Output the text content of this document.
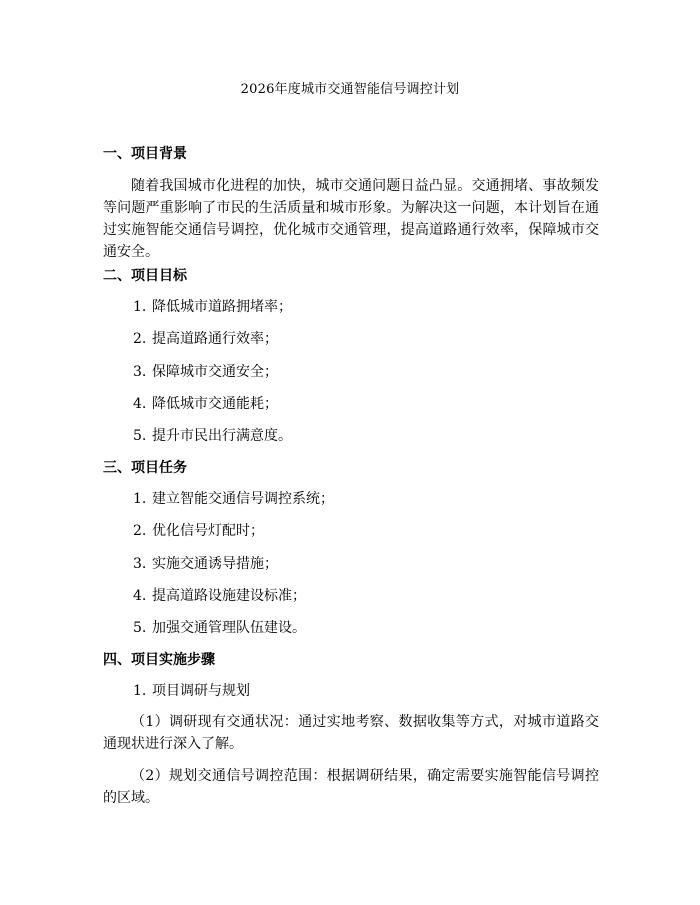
2026年度城市交通智能信号调控计划
一、项目背景
随着我国城市化进程的加快，城市交通问题日益凸显。交通拥堵、事故频发等问题严重影响了市民的生活质量和城市形象。为解决这一问题，本计划旨在通过实施智能交通信号调控，优化城市交通管理，提高道路通行效率，保障城市交通安全。
二、项目目标
1. 降低城市道路拥堵率；
2. 提高道路通行效率；
3. 保障城市交通安全；
4. 降低城市交通能耗；
5. 提升市民出行满意度。
三、项目任务
1. 建立智能交通信号调控系统；
2. 优化信号灯配时；
3. 实施交通诱导措施；
4. 提高道路设施建设标准；
5. 加强交通管理队伍建设。
四、项目实施步骤
1. 项目调研与规划
（1）调研现有交通状况：通过实地考察、数据收集等方式，对城市道路交通现状进行深入了解。
（2）规划交通信号调控范围：根据调研结果，确定需要实施智能信号调控的区域。
